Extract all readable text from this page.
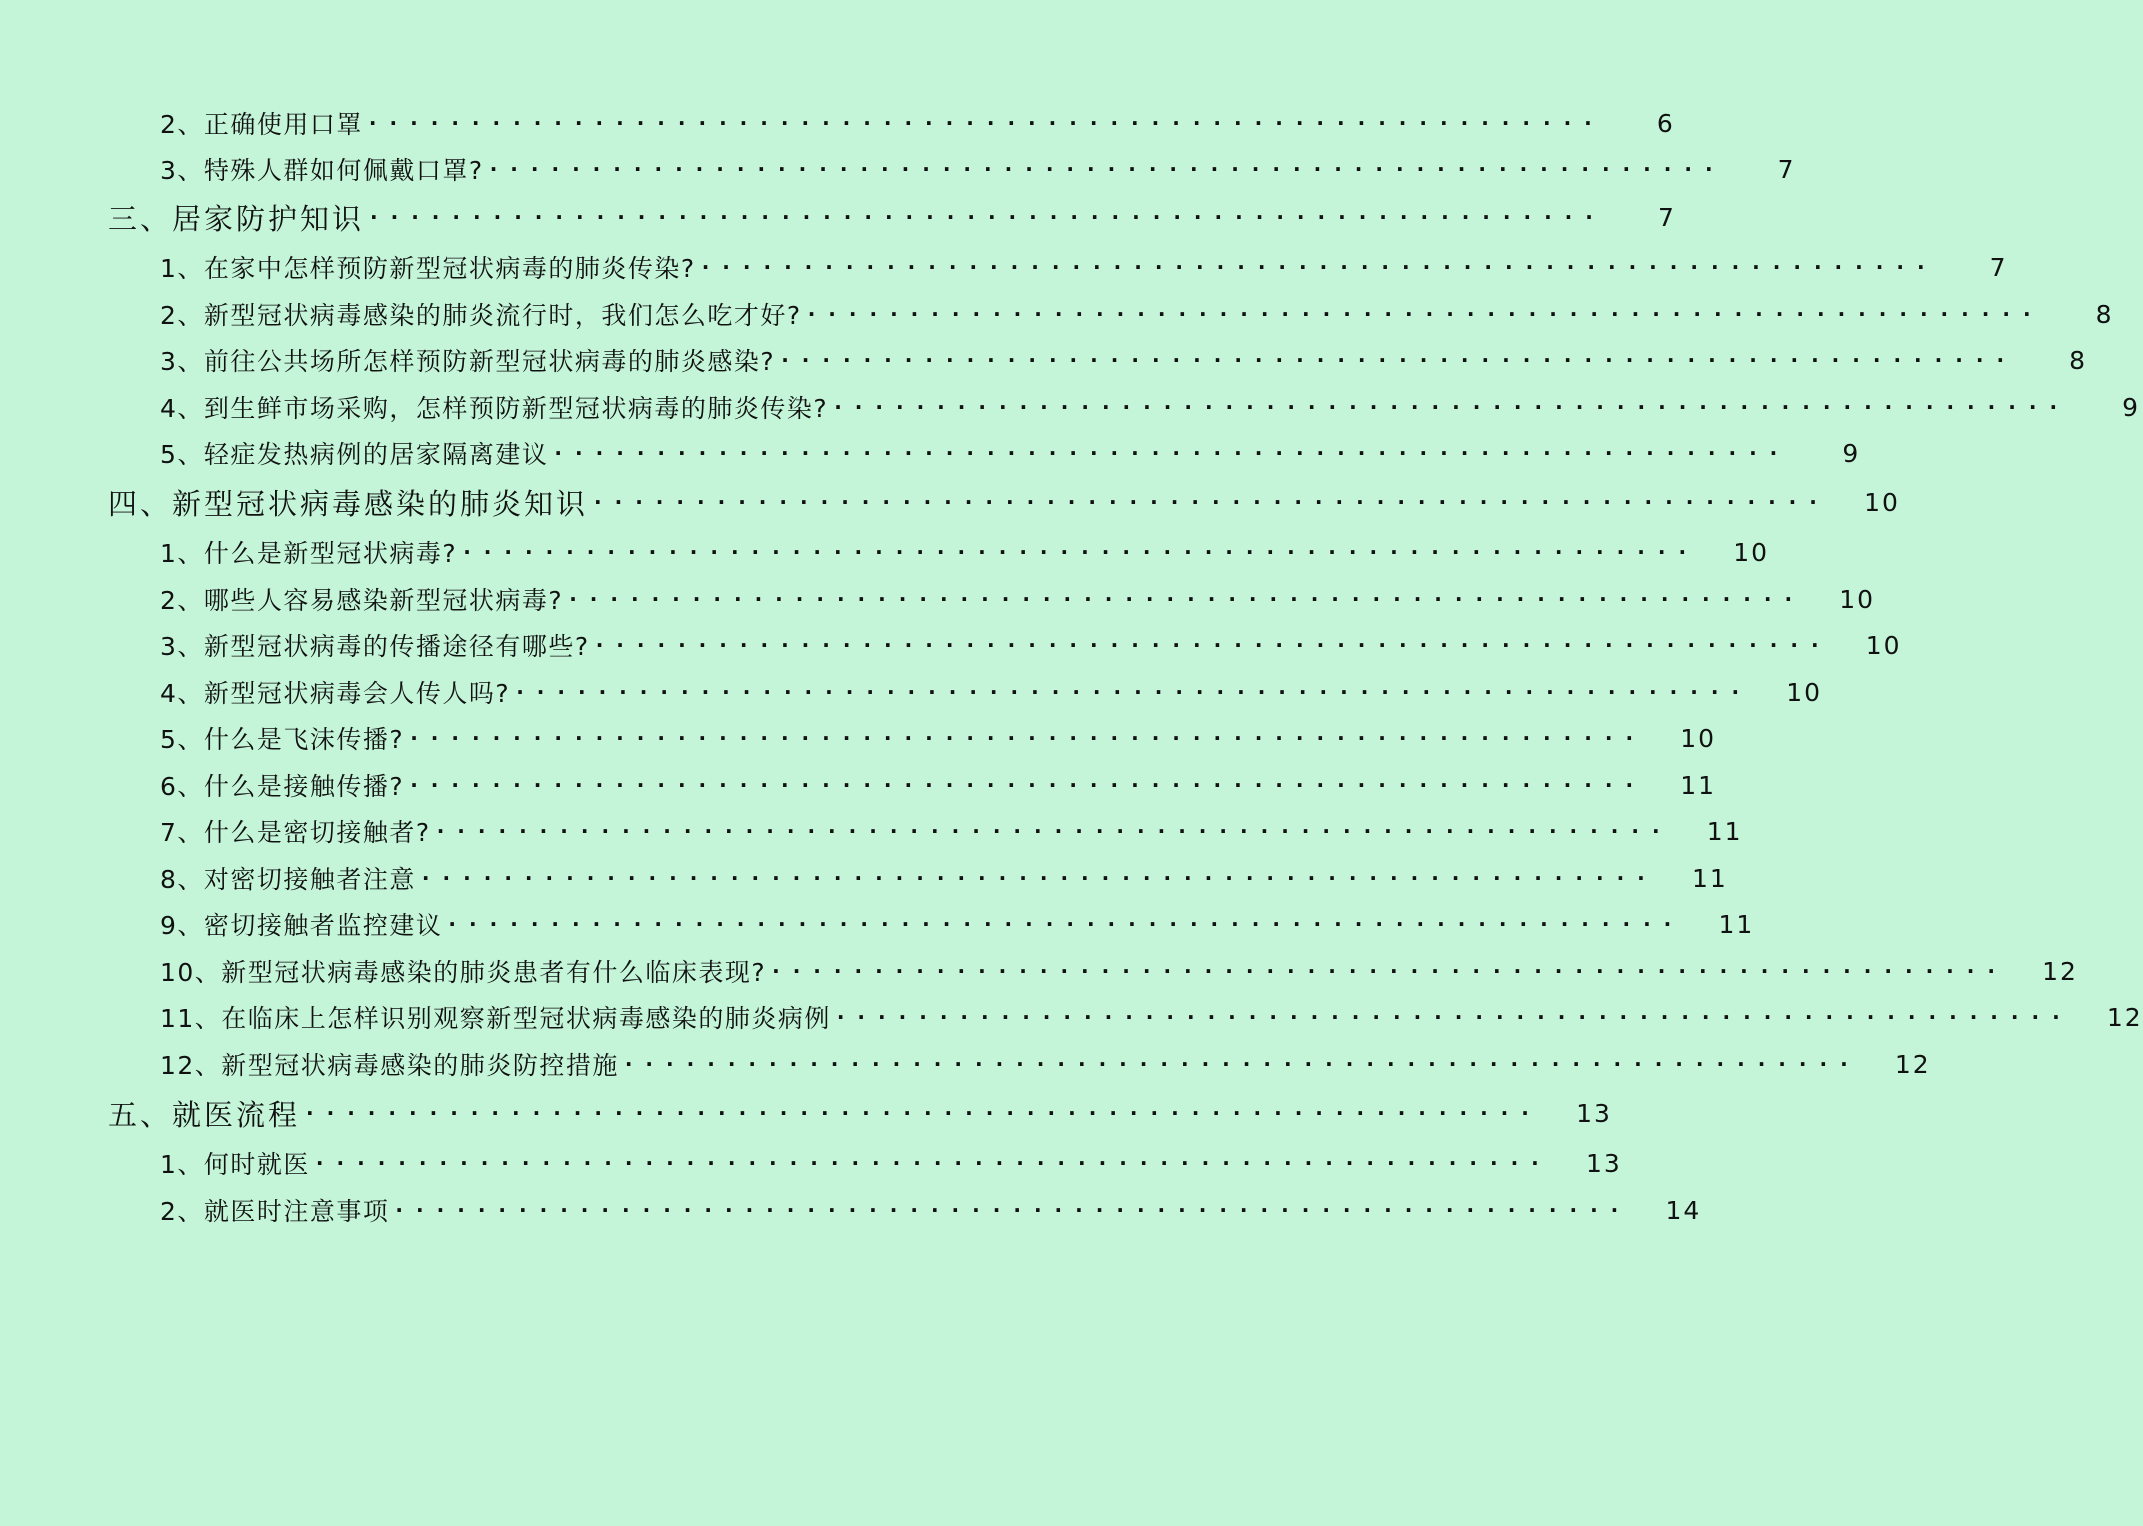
2、正确使用口罩 ····························································	6
3、特殊人群如何佩戴口罩? ····························································	7
三、居家防护知识 ····························································	7
1、在家中怎样预防新型冠状病毒的肺炎传染? ····························································	7
2、新型冠状病毒感染的肺炎流行时，我们怎么吃才好? ····························································	8
3、前往公共场所怎样预防新型冠状病毒的肺炎感染? ····························································	8
4、到生鲜市场采购，怎样预防新型冠状病毒的肺炎传染? ····························································	9
5、轻症发热病例的居家隔离建议 ····························································	9
四、新型冠状病毒感染的肺炎知识 ····························································	10
1、什么是新型冠状病毒? ····························································	10
2、哪些人容易感染新型冠状病毒? ····························································	10
3、新型冠状病毒的传播途径有哪些? ····························································	10
4、新型冠状病毒会人传人吗? ····························································	10
5、什么是飞沫传播? ····························································	10
6、什么是接触传播? ····························································	11
7、什么是密切接触者? ····························································	11
8、对密切接触者注意 ····························································	11
9、密切接触者监控建议 ····························································	11
10、新型冠状病毒感染的肺炎患者有什么临床表现? ····························································	12
11、在临床上怎样识别观察新型冠状病毒感染的肺炎病例 ····························································	12
12、新型冠状病毒感染的肺炎防控措施 ····························································	12
五、就医流程 ····························································	13
1、何时就医 ····························································	13
2、就医时注意事项 ····························································	14
